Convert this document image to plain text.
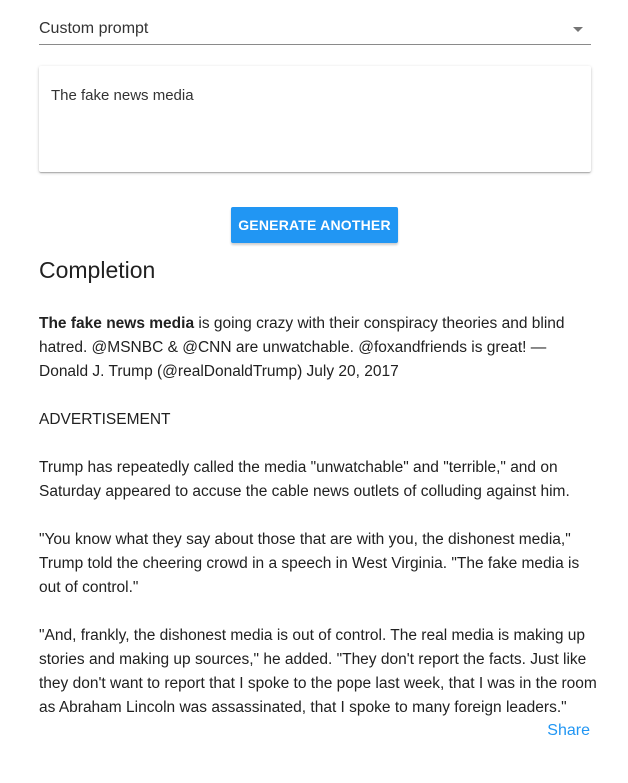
Custom prompt
The fake news media
GENERATE ANOTHER
Completion

The fake news media is going crazy with their conspiracy theories and blind hatred. @MSNBC & @CNN are unwatchable. @foxandfriends is great! — Donald J. Trump (@realDonaldTrump) July 20, 2017

ADVERTISEMENT

Trump has repeatedly called the media "unwatchable" and "terrible," and on Saturday appeared to accuse the cable news outlets of colluding against him.

"You know what they say about those that are with you, the dishonest media," Trump told the cheering crowd in a speech in West Virginia. "The fake media is out of control."

"And, frankly, the dishonest media is out of control. The real media is making up stories and making up sources," he added. "They don't report the facts. Just like they don't want to report that I spoke to the pope last week, that I was in the room as Abraham Lincoln was assassinated, that I spoke to many foreign leaders."

Share
